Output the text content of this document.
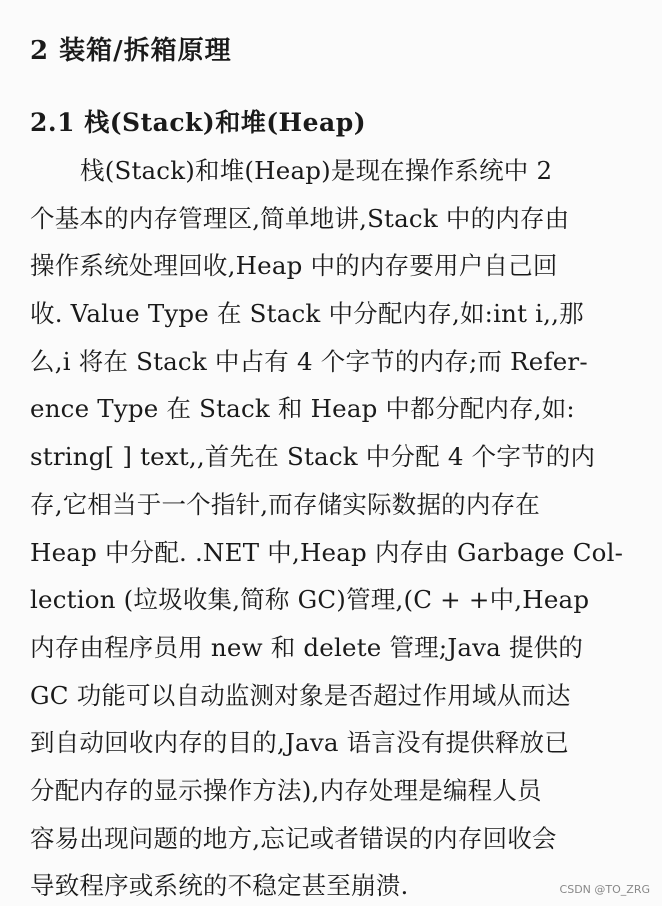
2 装箱/拆箱原理
2.1 栈(Stack)和堆(Heap)
栈(Stack)和堆(Heap)是现在操作系统中 2
个基本的内存管理区,简单地讲,Stack 中的内存由
操作系统处理回收,Heap 中的内存要用户自己回
收. Value Type 在 Stack 中分配内存,如:int i,,那
么,i 将在 Stack 中占有 4 个字节的内存;而 Refer-
ence Type 在 Stack 和 Heap 中都分配内存,如:
string[ ] text,,首先在 Stack 中分配 4 个字节的内
存,它相当于一个指针,而存储实际数据的内存在
Heap 中分配. .NET 中,Heap 内存由 Garbage Col-
lection (垃圾收集,简称 GC)管理,(C + +中,Heap
内存由程序员用 new 和 delete 管理;Java 提供的
GC 功能可以自动监测对象是否超过作用域从而达
到自动回收内存的目的,Java 语言没有提供释放已
分配内存的显示操作方法),内存处理是编程人员
容易出现问题的地方,忘记或者错误的内存回收会
导致程序或系统的不稳定甚至崩溃.	CSDN @TO_ZRG
